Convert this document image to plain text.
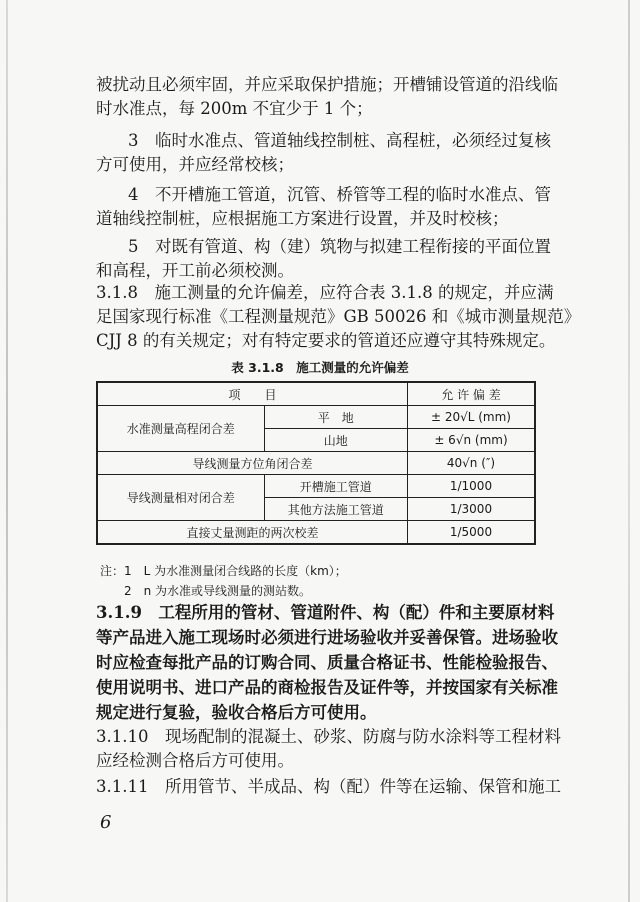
被扰动且必须牢固，并应采取保护措施；开槽铺设管道的沿线临
时水准点，每 200m 不宜少于 1 个；
3　临时水准点、管道轴线控制桩、高程桩，必须经过复核
方可使用，并应经常校核；
4　不开槽施工管道，沉管、桥管等工程的临时水准点、管
道轴线控制桩，应根据施工方案进行设置，并及时校核；
5　对既有管道、构（建）筑物与拟建工程衔接的平面位置
和高程，开工前必须校测。
3.1.8　施工测量的允许偏差，应符合表 3.1.8 的规定，并应满
足国家现行标准《工程测量规范》GB 50026 和《城市测量规范》
CJJ 8 的有关规定；对有特定要求的管道还应遵守其特殊规定。
表 3.1.8　施工测量的允许偏差
项　　目		允 许 偏 差
水准测量高程闭合差	平　地	± 20√L (mm)
	山地	± 6√n (mm)
导线测量方位角闭合差		40√n (″)
导线测量相对闭合差	开槽施工管道	1/1000
	其他方法施工管道	1/3000
直接丈量测距的两次校差		1/5000
注：1　L 为水准测量闭合线路的长度（km）；
　　2　n 为水准或导线测量的测站数。
3.1.9　工程所用的管材、管道附件、构（配）件和主要原材料
等产品进入施工现场时必须进行进场验收并妥善保管。进场验收
时应检查每批产品的订购合同、质量合格证书、性能检验报告、
使用说明书、进口产品的商检报告及证件等，并按国家有关标准
规定进行复验，验收合格后方可使用。
3.1.10　现场配制的混凝土、砂浆、防腐与防水涂料等工程材料
应经检测合格后方可使用。
3.1.11　所用管节、半成品、构（配）件等在运输、保管和施工
6
